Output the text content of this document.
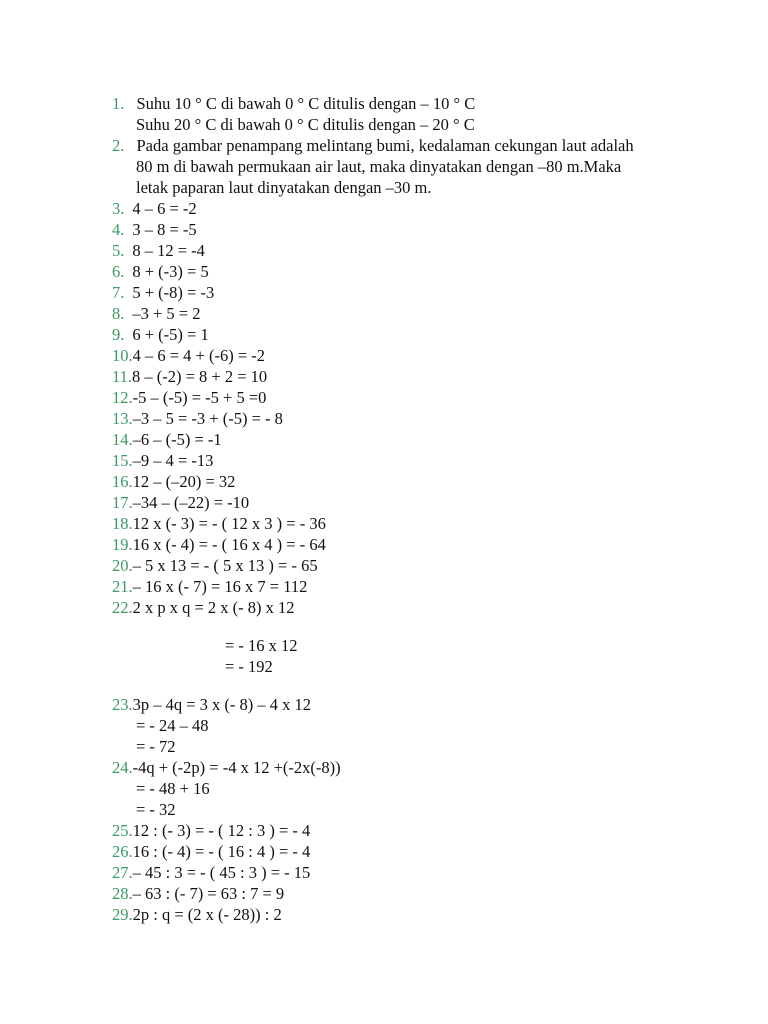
1. Suhu 10 ° C di bawah 0 ° C ditulis dengan – 10 ° C
Suhu 20 ° C di bawah 0 ° C ditulis dengan – 20 ° C
2. Pada gambar penampang melintang bumi, kedalaman cekungan laut adalah
80 m di bawah permukaan air laut, maka dinyatakan dengan –80 m.Maka
letak paparan laut dinyatakan dengan –30 m.
3. 4 – 6 = -2
4. 3 – 8 = -5
5. 8 – 12 = -4
6. 8 + (-3) = 5
7. 5 + (-8) = -3
8. –3 + 5 = 2
9. 6 + (-5) = 1
10.4 – 6 = 4 + (-6) = -2
11.8 – (-2) = 8 + 2 = 10
12.-5 – (-5) = -5 + 5 =0
13.–3 – 5 = -3 + (-5) = - 8
14.–6 – (-5) = -1
15.–9 – 4 = -13
16.12 – (–20) = 32
17.–34 – (–22) = -10
18.12 x (- 3) = - ( 12 x 3 ) = - 36
19.16 x (- 4) = - ( 16 x 4 ) = - 64
20.– 5 x 13 = - ( 5 x 13 ) = - 65
21.– 16 x (- 7) = 16 x 7 = 112
22.2 x p x q = 2 x (- 8) x 12
= - 16 x 12
= - 192
23.3p – 4q = 3 x (- 8) – 4 x 12
= - 24 – 48
= - 72
24.-4q + (-2p) = -4 x 12 +(-2x(-8))
= - 48 + 16
= - 32
25.12 : (- 3) = - ( 12 : 3 ) = - 4
26.16 : (- 4) = - ( 16 : 4 ) = - 4
27.– 45 : 3 = - ( 45 : 3 ) = - 15
28.– 63 : (- 7) = 63 : 7 = 9
29.2p : q = (2 x (- 28)) : 2
